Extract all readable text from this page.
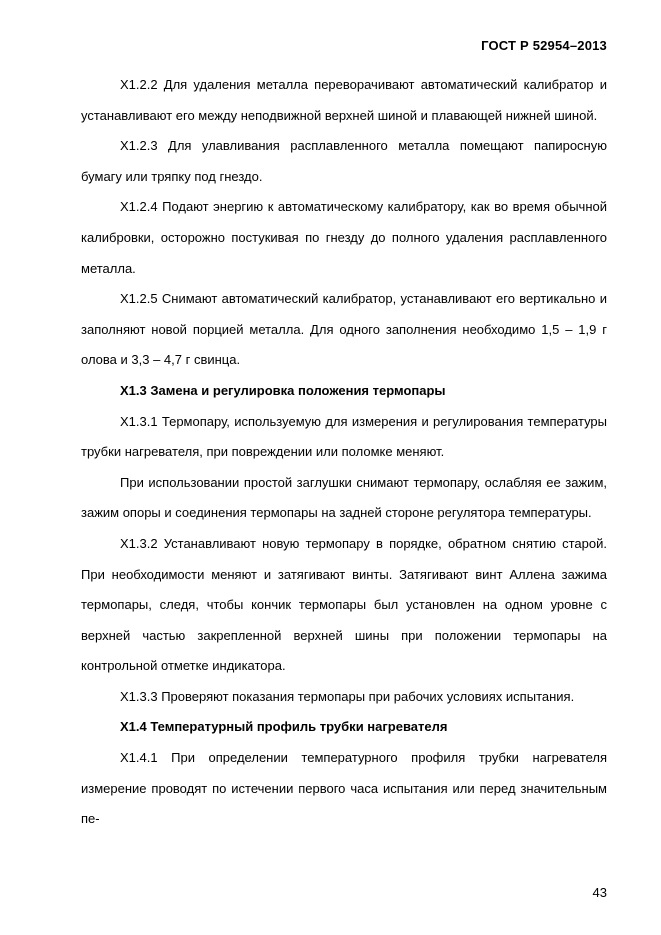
ГОСТ Р 52954–2013

Х1.2.2 Для удаления металла переворачивают автоматический калибратор и устанавливают его между неподвижной верхней шиной и плавающей нижней шиной.

Х1.2.3 Для улавливания расплавленного металла помещают папиросную бумагу или тряпку под гнездо.

Х1.2.4 Подают энергию к автоматическому калибратору, как во время обычной калибровки, осторожно постукивая по гнезду до полного удаления расплавленного металла.

Х1.2.5 Снимают автоматический калибратор, устанавливают его вертикально и заполняют новой порцией металла. Для одного заполнения необходимо 1,5 – 1,9 г олова и 3,3 – 4,7 г свинца.

Х1.3 Замена и регулировка положения термопары

Х1.3.1 Термопару, используемую для измерения и регулирования температуры трубки нагревателя, при повреждении или поломке меняют.

При использовании простой заглушки снимают термопару, ослабляя ее зажим, зажим опоры и соединения термопары на задней стороне регулятора температуры.

Х1.3.2 Устанавливают новую термопару в порядке, обратном снятию старой. При необходимости меняют и затягивают винты. Затягивают винт Аллена зажима термопары, следя, чтобы кончик термопары был установлен на одном уровне с верхней частью закрепленной верхней шины при положении термопары на контрольной отметке индикатора.

Х1.3.3 Проверяют показания термопары при рабочих условиях испытания.

Х1.4 Температурный профиль трубки нагревателя

Х1.4.1 При определении температурного профиля трубки нагревателя измерение проводят по истечении первого часа испытания или перед значительным пе-

43
